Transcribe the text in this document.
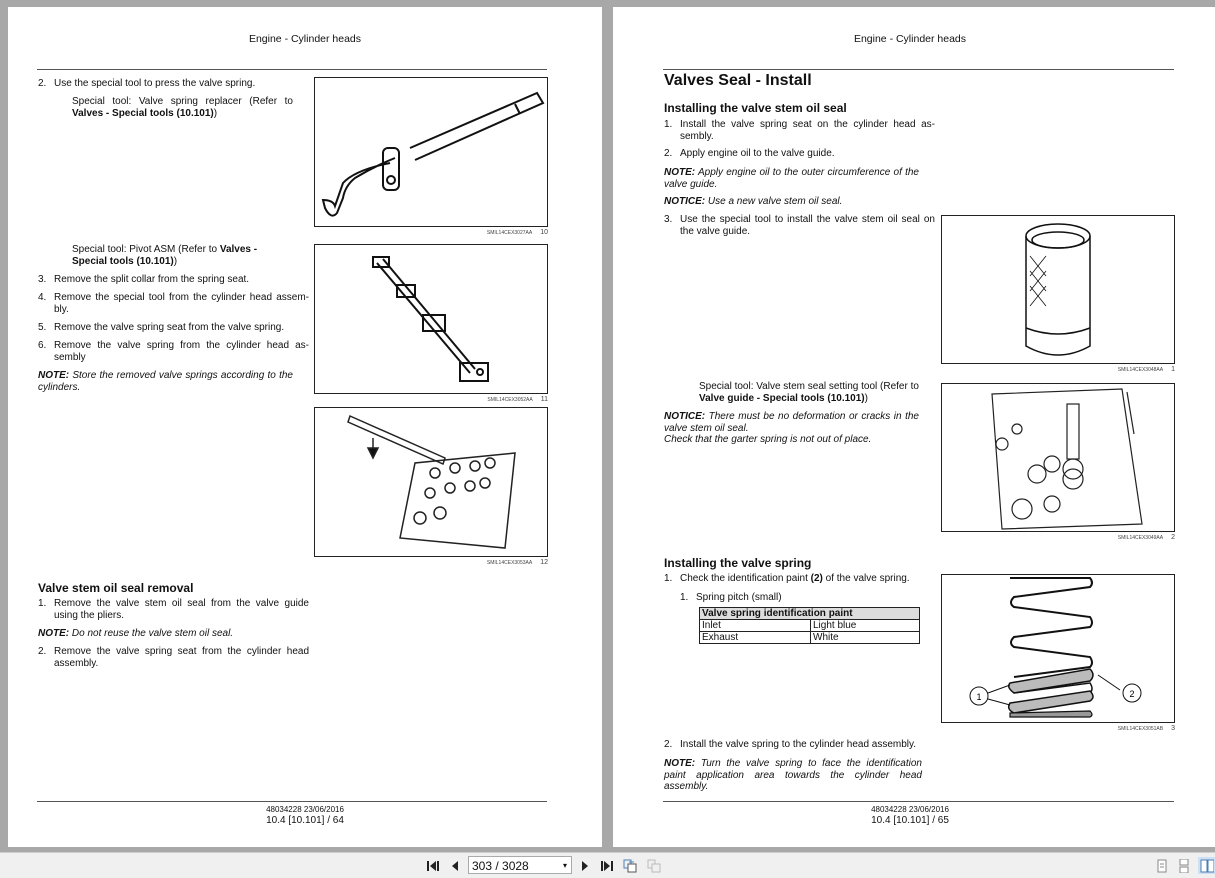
Engine - Cylinder heads
2. Use the special tool to press the valve spring.
Special tool: Valve spring replacer (Refer to Valves - Special tools (10.101))
SMIL14CEX3027AA 10
Special tool: Pivot ASM (Refer to Valves - Special tools (10.101))
3. Remove the split collar from the spring seat.
4. Remove the special tool from the cylinder head assem- bly.
5. Remove the valve spring seat from the valve spring.
6. Remove the valve spring from the cylinder head as- sembly
NOTE: Store the removed valve springs according to the cylinders.
SMIL14CEX3052AA 11
SMIL14CEX3053AA 12
Valve stem oil seal removal
1. Remove the valve stem oil seal from the valve guide using the pliers.
NOTE: Do not reuse the valve stem oil seal.
2. Remove the valve spring seat from the cylinder head assembly.
48034228 23/06/2016
10.4 [10.101] / 64
Engine - Cylinder heads
Valves Seal - Install
Installing the valve stem oil seal
1. Install the valve spring seat on the cylinder head as- sembly.
2. Apply engine oil to the valve guide.
NOTE: Apply engine oil to the outer circumference of the valve guide.
NOTICE: Use a new valve stem oil seal.
3. Use the special tool to install the valve stem oil seal on the valve guide.
SMIL14CEX3048AA 1
Special tool: Valve stem seal setting tool (Refer to Valve guide - Special tools (10.101))
NOTICE: There must be no deformation or cracks in the valve stem oil seal.
Check that the garter spring is not out of place.
SMIL14CEX3049AA 2
Installing the valve spring
1. Check the identification paint (2) of the valve spring.
1. Spring pitch (small)
Valve spring identification paint	
Inlet	Light blue
Exhaust	White
1	2
SMIL14CEX3051AB 3
2. Install the valve spring to the cylinder head assembly.
NOTE: Turn the valve spring to face the identification paint application area towards the cylinder head assembly.
48034228 23/06/2016
10.4 [10.101] / 65
303 / 3028	▾
